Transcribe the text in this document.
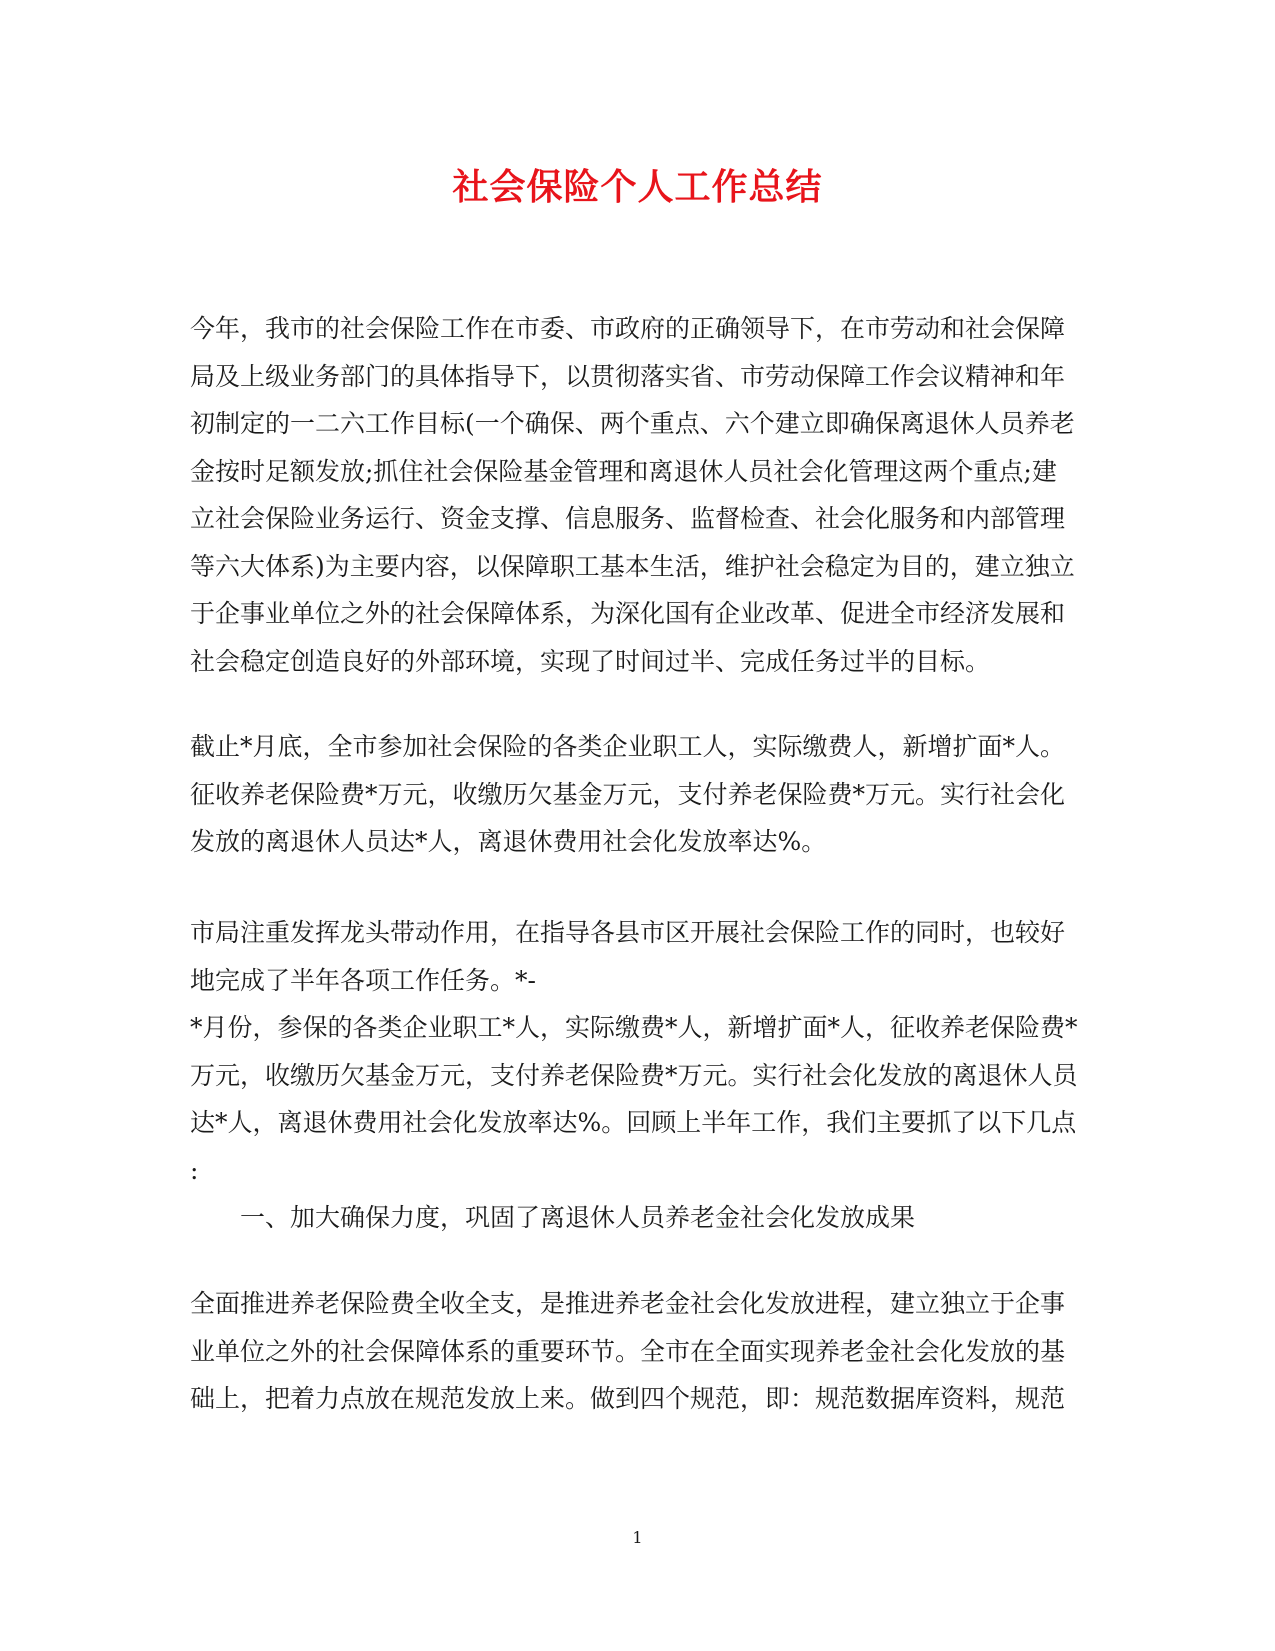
社会保险个人工作总结
今年，我市的社会保险工作在市委、市政府的正确领导下，在市劳动和社会保障
局及上级业务部门的具体指导下，以贯彻落实省、市劳动保障工作会议精神和年
初制定的一二六工作目标(一个确保、两个重点、六个建立即确保离退休人员养老
金按时足额发放;抓住社会保险基金管理和离退休人员社会化管理这两个重点;建
立社会保险业务运行、资金支撑、信息服务、监督检查、社会化服务和内部管理
等六大体系)为主要内容，以保障职工基本生活，维护社会稳定为目的，建立独立
于企事业单位之外的社会保障体系，为深化国有企业改革、促进全市经济发展和
社会稳定创造良好的外部环境，实现了时间过半、完成任务过半的目标。
截止*月底，全市参加社会保险的各类企业职工人，实际缴费人，新增扩面*人。
征收养老保险费*万元，收缴历欠基金万元，支付养老保险费*万元。实行社会化
发放的离退休人员达*人，离退休费用社会化发放率达%。
市局注重发挥龙头带动作用，在指导各县市区开展社会保险工作的同时，也较好
地完成了半年各项工作任务。*-
*月份，参保的各类企业职工*人，实际缴费*人，新增扩面*人，征收养老保险费*
万元，收缴历欠基金万元，支付养老保险费*万元。实行社会化发放的离退休人员
达*人，离退休费用社会化发放率达%。回顾上半年工作，我们主要抓了以下几点
:
一、加大确保力度，巩固了离退休人员养老金社会化发放成果
全面推进养老保险费全收全支，是推进养老金社会化发放进程，建立独立于企事
业单位之外的社会保障体系的重要环节。全市在全面实现养老金社会化发放的基
础上，把着力点放在规范发放上来。做到四个规范，即：规范数据库资料，规范
1
